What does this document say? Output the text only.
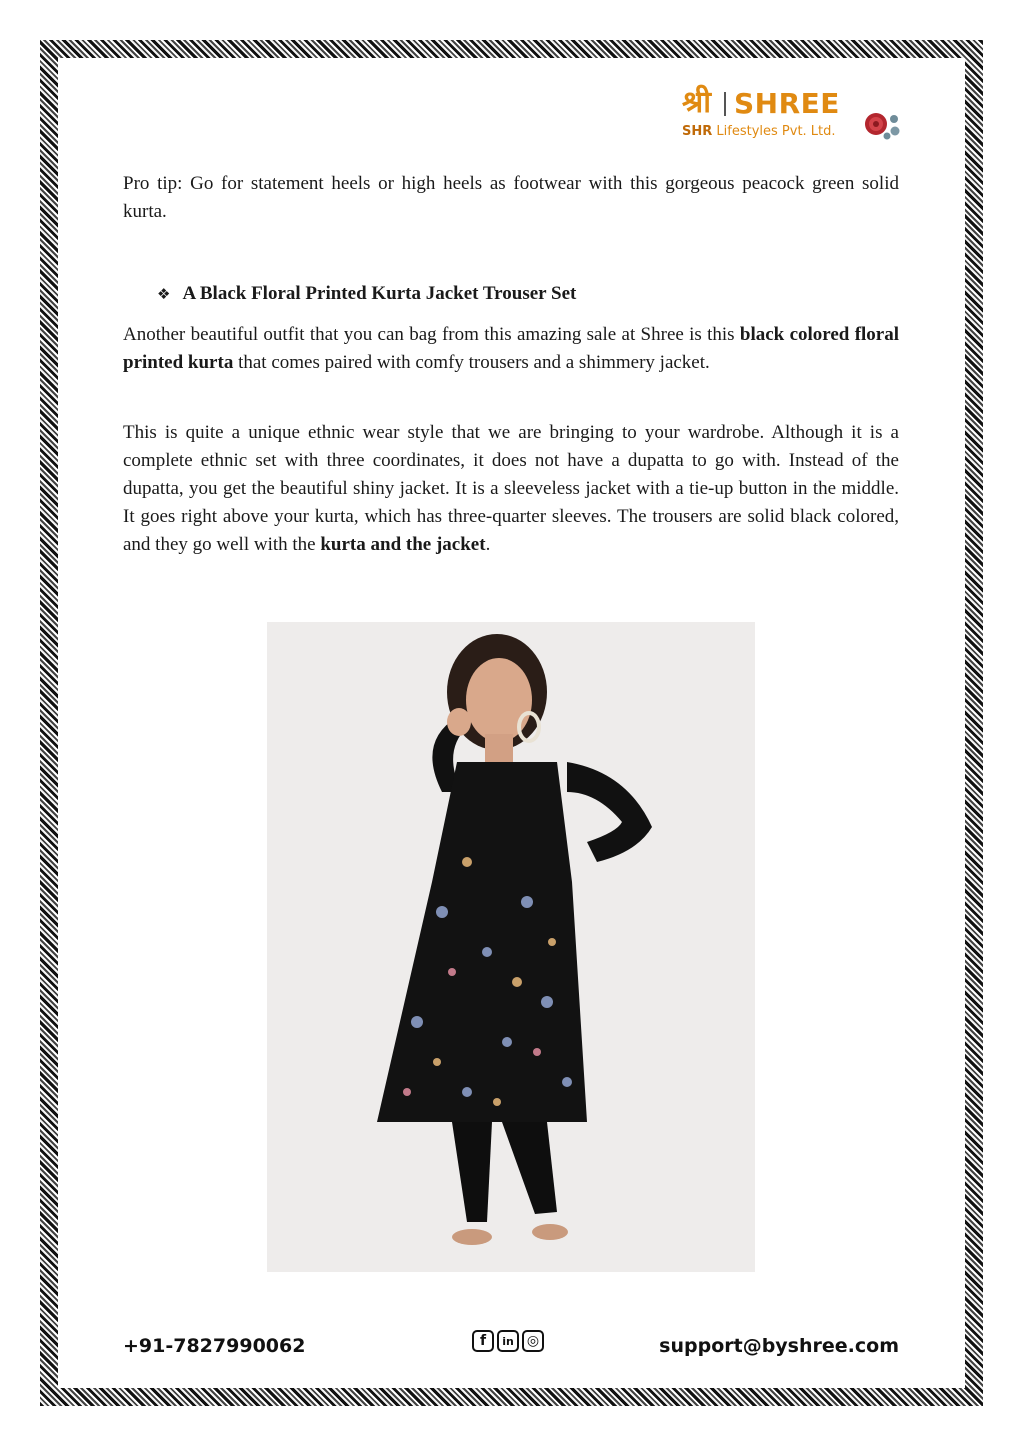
श्री SHREE
SHR Lifestyles Pvt. Ltd.
Pro tip: Go for statement heels or high heels as footwear with this gorgeous peacock green solid kurta.
❖ A Black Floral Printed Kurta Jacket Trouser Set
Another beautiful outfit that you can bag from this amazing sale at Shree is this black colored floral printed kurta that comes paired with comfy trousers and a shimmery jacket.
This is quite a unique ethnic wear style that we are bringing to your wardrobe. Although it is a complete ethnic set with three coordinates, it does not have a dupatta to go with. Instead of the dupatta, you get the beautiful shiny jacket. It is a sleeveless jacket with a tie-up button in the middle. It goes right above your kurta, which has three-quarter sleeves. The trousers are solid black colored, and they go well with the kurta and the jacket.
+91-7827990062	f	in ◎	support@byshree.com
